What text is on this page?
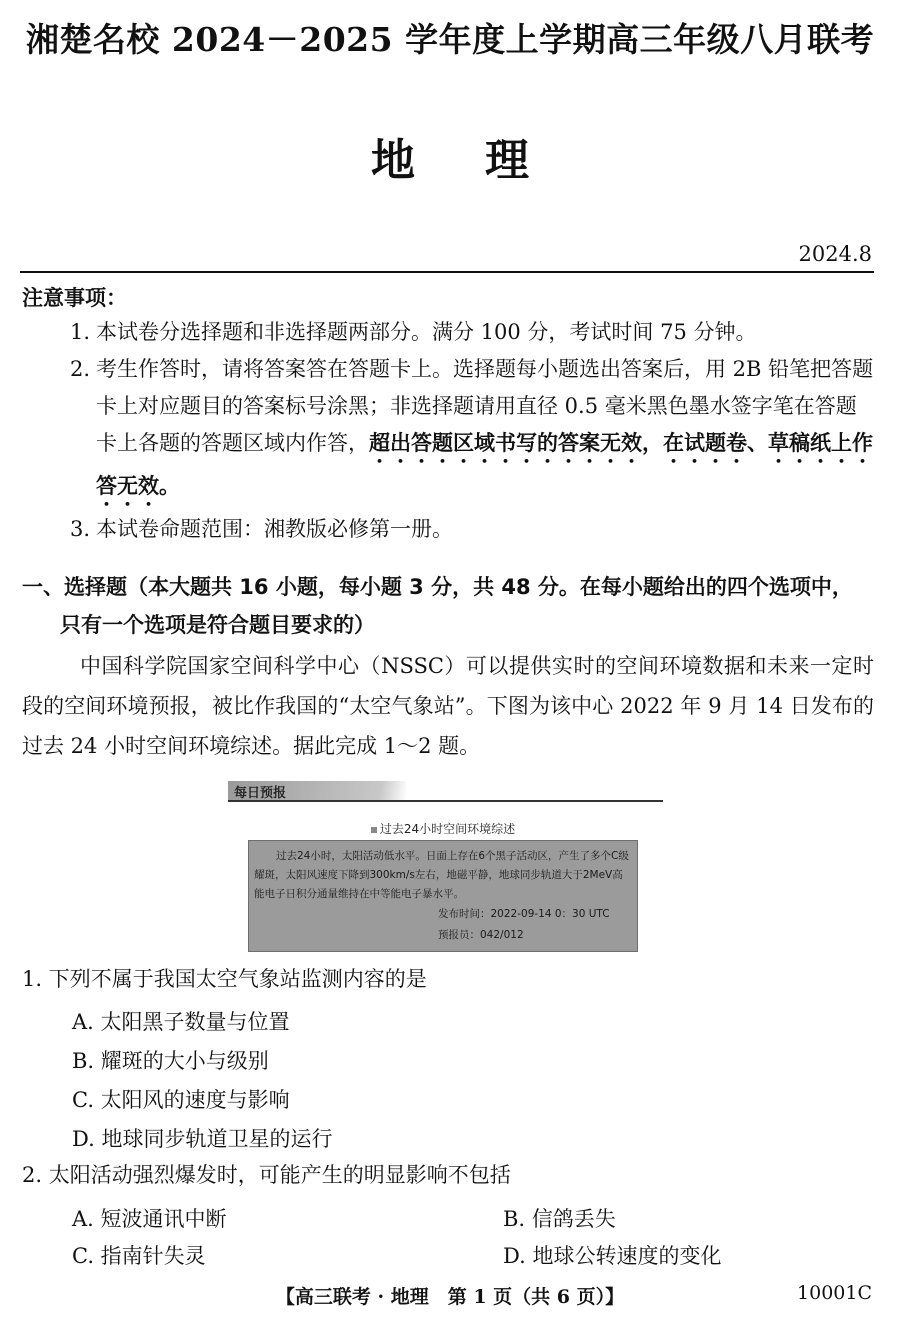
湘楚名校 2024－2025 学年度上学期高三年级八月联考
地理
2024.8
注意事项：
1. 本试卷分选择题和非选择题两部分。满分 100 分，考试时间 75 分钟。
2. 考生作答时，请将答案答在答题卡上。选择题每小题选出答案后，用 2B 铅笔把答题卡上对应题目的答案标号涂黑；非选择题请用直径 0.5 毫米黑色墨水签字笔在答题卡上各题的答题区域内作答，超出答题区域书写的答案无效，在试题卷、草稿纸上作答无效。
3. 本试卷命题范围：湘教版必修第一册。
一、选择题（本大题共 16 小题，每小题 3 分，共 48 分。在每小题给出的四个选项中，
只有一个选项是符合题目要求的）
中国科学院国家空间科学中心（NSSC）可以提供实时的空间环境数据和未来一定时段的空间环境预报，被比作我国的“太空气象站”。下图为该中心 2022 年 9 月 14 日发布的过去 24 小时空间环境综述。据此完成 1～2 题。
每日预报
过去24小时空间环境综述
过去24小时，太阳活动低水平。日面上存在6个黑子活动区，产生了多个C级耀斑，太阳风速度下降到300km/s左右，地磁平静，地球同步轨道大于2MeV高能电子日积分通量维持在中等能电子暴水平。
发布时间：2022-09-14 0：30 UTC
预报员：042/012
1. 下列不属于我国太空气象站监测内容的是
A. 太阳黑子数量与位置
B. 耀斑的大小与级别
C. 太阳风的速度与影响
D. 地球同步轨道卫星的运行
2. 太阳活动强烈爆发时，可能产生的明显影响不包括
A. 短波通讯中断	B. 信鸽丢失
C. 指南针失灵	D. 地球公转速度的变化
【高三联考 · 地理　第 1 页（共 6 页）】	10001C
